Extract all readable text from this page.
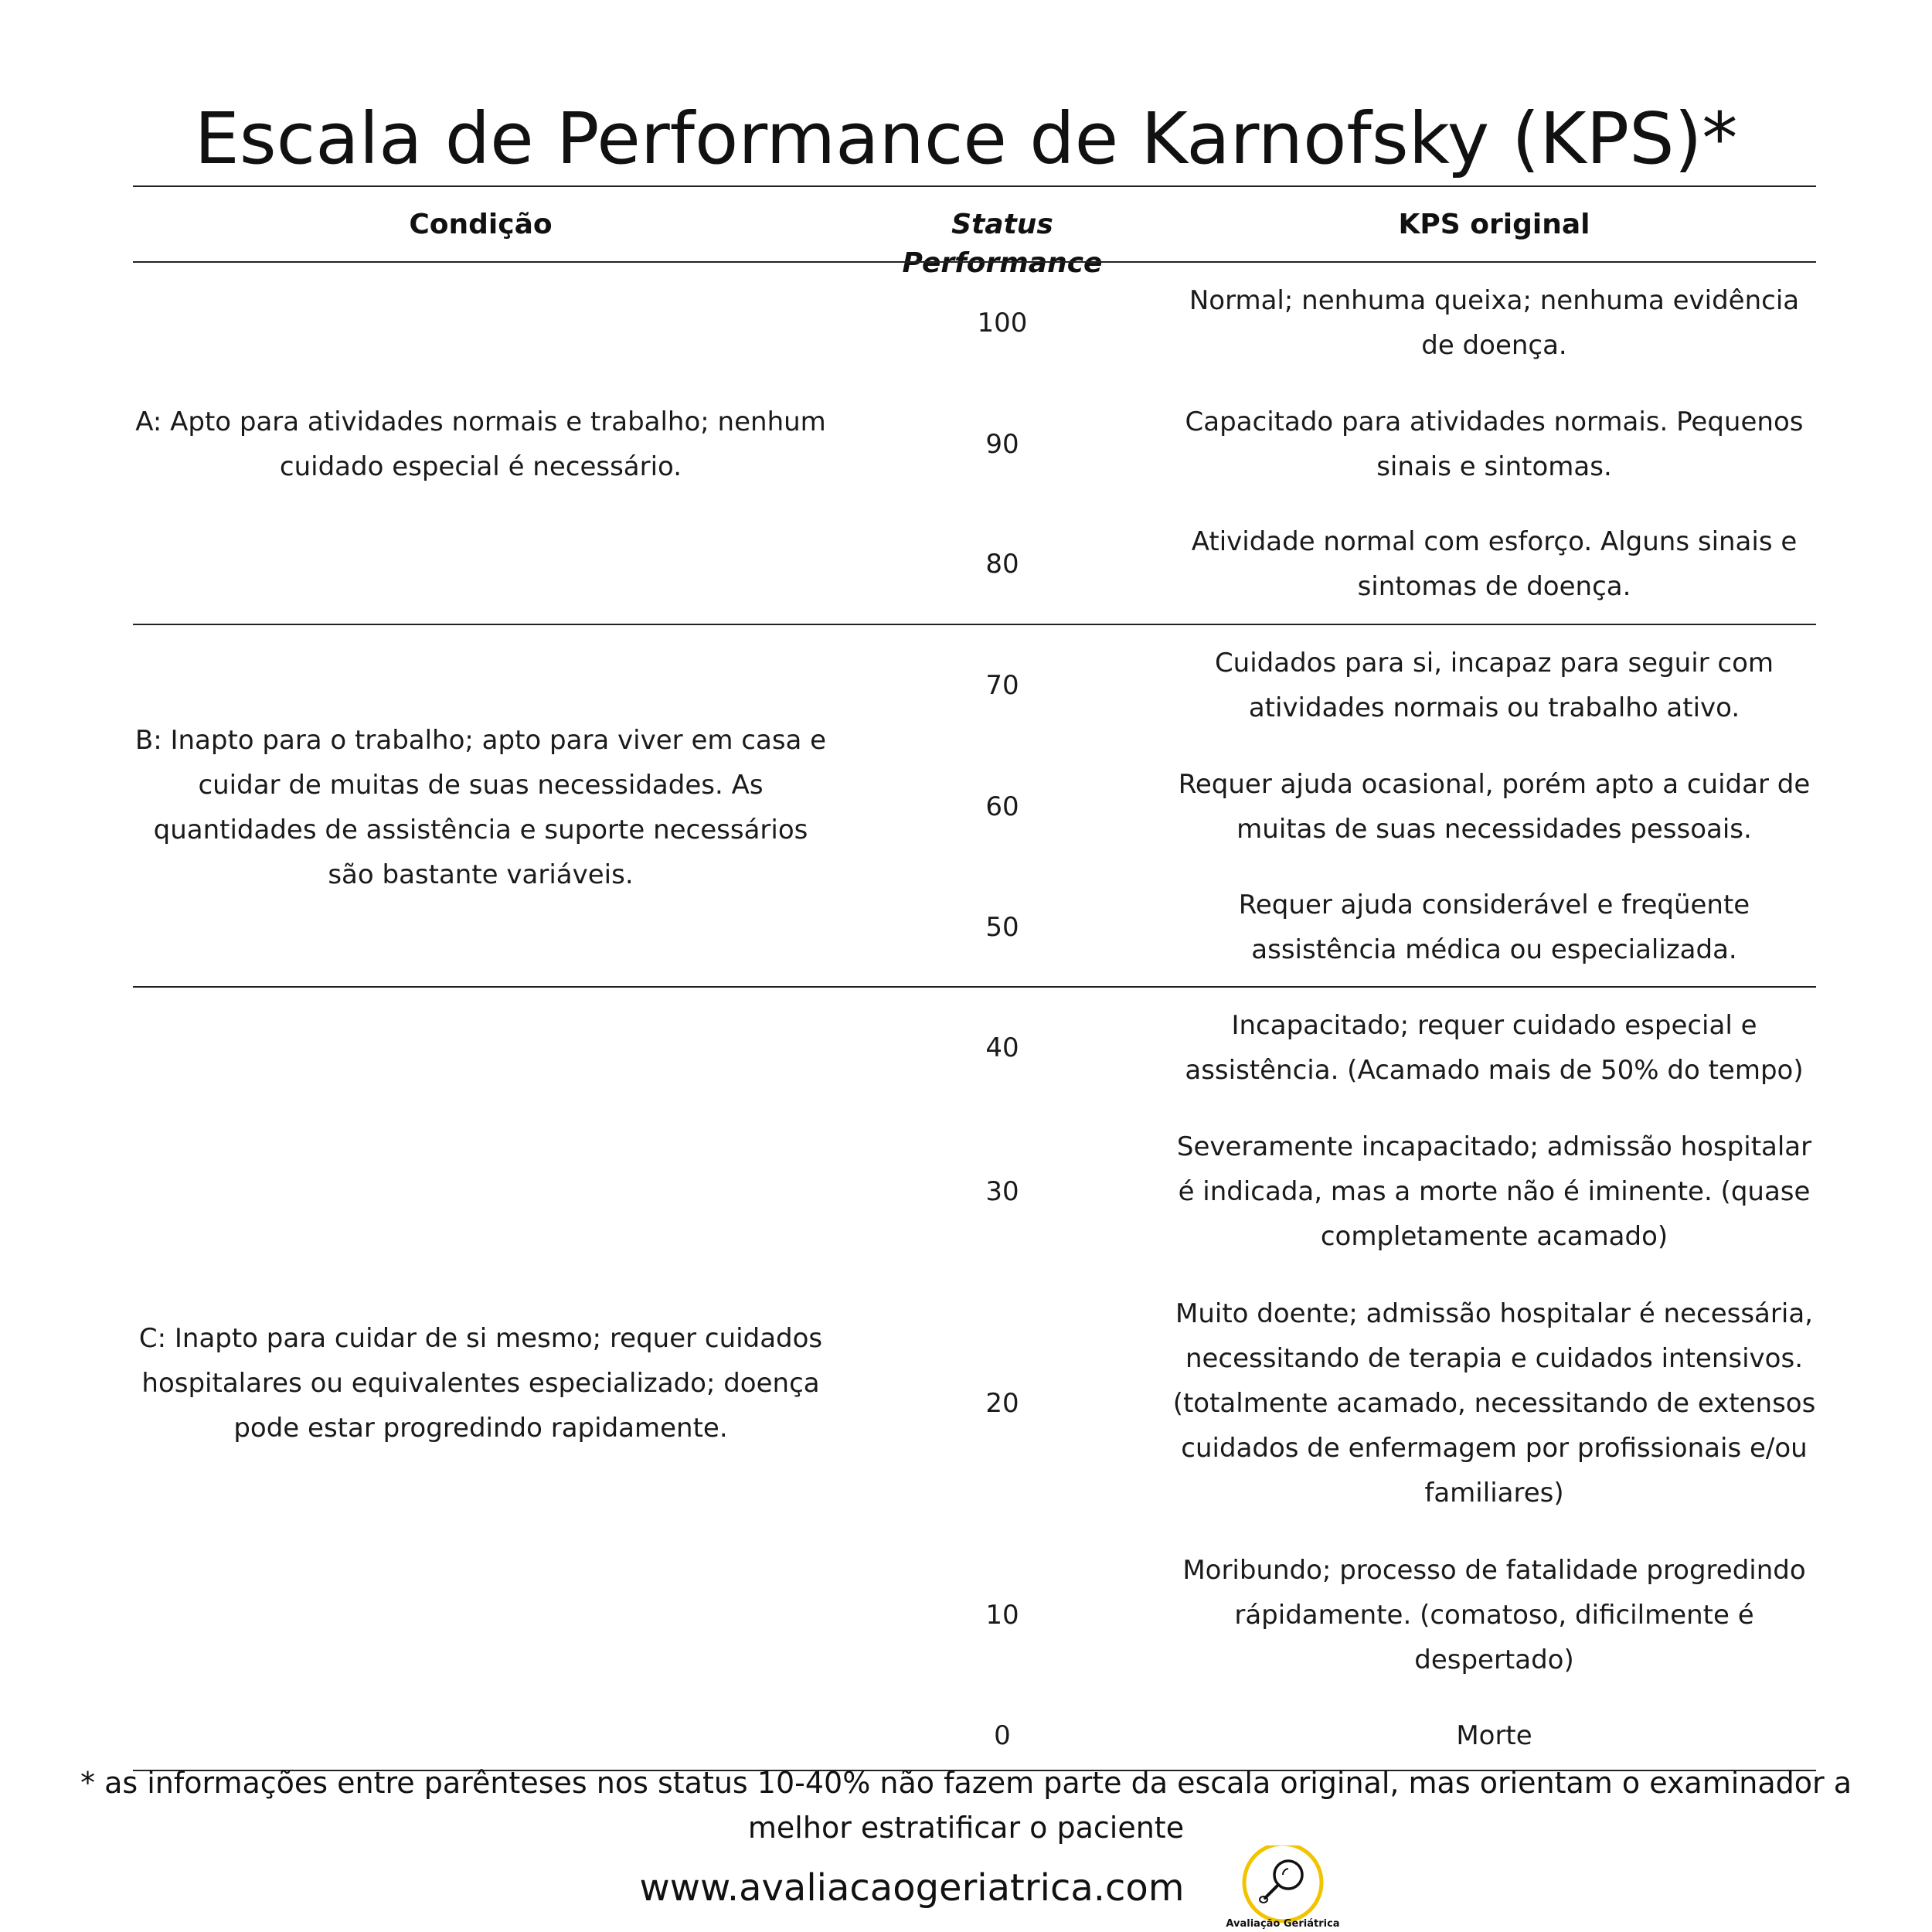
Escala de Performance de Karnofsky (KPS)*
Condição	Status Performance
KPS original
A: Apto para atividades normais e trabalho; nenhum cuidado especial é necessário.
100
Normal; nenhuma queixa; nenhuma evidência de doença.
90
Capacitado para atividades normais. Pequenos sinais e sintomas.
80
Atividade normal com esforço. Alguns sinais e sintomas de doença.
B: Inapto para o trabalho; apto para viver em casa e cuidar de muitas de suas necessidades. As quantidades de assistência e suporte necessários são bastante variáveis.
70
Cuidados para si, incapaz para seguir com atividades normais ou trabalho ativo.
60
Requer ajuda ocasional, porém apto a cuidar de muitas de suas necessidades pessoais.
50
Requer ajuda considerável e freqüente assistência médica ou especializada.
C: Inapto para cuidar de si mesmo; requer cuidados hospitalares ou equivalentes especializado; doença pode estar progredindo rapidamente.
40
Incapacitado; requer cuidado especial e assistência. (Acamado mais de 50% do tempo)
30
Severamente incapacitado; admissão hospitalar é indicada, mas a morte não é iminente. (quase completamente acamado)
20
Muito doente; admissão hospitalar é necessária, necessitando de terapia e cuidados intensivos. (totalmente acamado, necessitando de extensos cuidados de enfermagem por profissionais e/ou familiares)
10
Moribundo; processo de fatalidade progredindo rápidamente. (comatoso, dificilmente é despertado)
0	Morte
* as informações entre parênteses nos status 10-40% não fazem parte da escala original, mas orientam o examinador a melhor estratificar o paciente
www.avaliacaogeriatrica.com
Avaliação Geriátrica
